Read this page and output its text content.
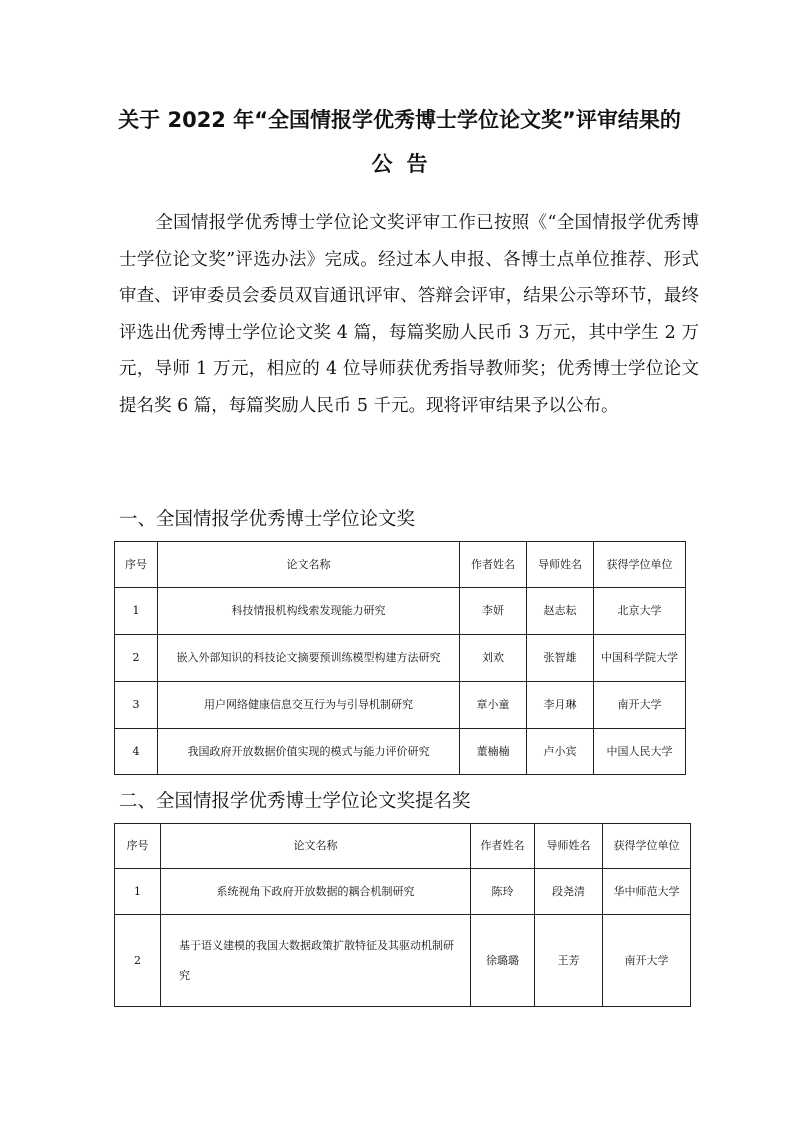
关于 2022 年“全国情报学优秀博士学位论文奖”评审结果的
公告

全国情报学优秀博士学位论文奖评审工作已按照《“全国情报学优秀博士学位论文奖”评选办法》完成。经过本人申报、各博士点单位推荐、形式审查、评审委员会委员双盲通讯评审、答辩会评审，结果公示等环节，最终评选出优秀博士学位论文奖 4 篇，每篇奖励人民币 3 万元，其中学生 2 万元，导师 1 万元，相应的 4 位导师获优秀指导教师奖；优秀博士学位论文提名奖 6 篇，每篇奖励人民币 5 千元。现将评审结果予以公布。

一、全国情报学优秀博士学位论文奖
序号	论文名称	作者姓名	导师姓名	获得学位单位
1	科技情报机构线索发现能力研究	李妍	赵志耘	北京大学
2	嵌入外部知识的科技论文摘要预训练模型构建方法研究	刘欢	张智雄	中国科学院大学
3	用户网络健康信息交互行为与引导机制研究	章小童	李月琳	南开大学
4	我国政府开放数据价值实现的模式与能力评价研究	董楠楠	卢小宾	中国人民大学
二、全国情报学优秀博士学位论文奖提名奖
序号	论文名称	作者姓名	导师姓名	获得学位单位
1	系统视角下政府开放数据的耦合机制研究	陈玲	段尧清	华中师范大学
2	基于语义建模的我国大数据政策扩散特征及其驱动机制研究	徐璐璐	王芳	南开大学
